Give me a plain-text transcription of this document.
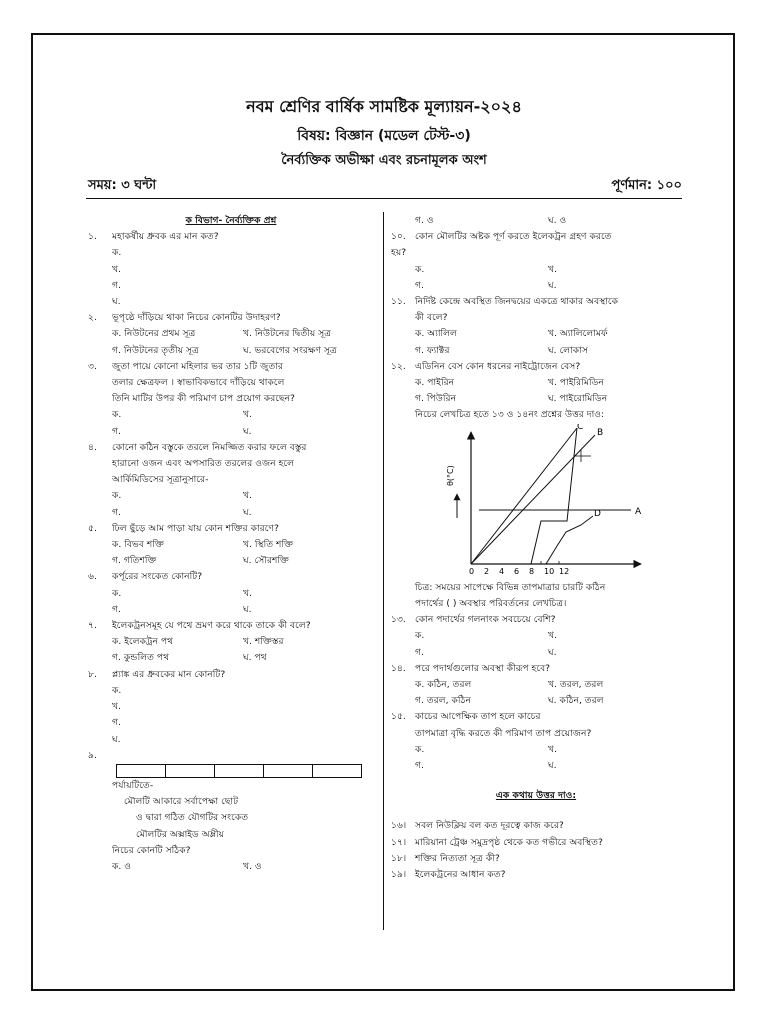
নবম শ্রেণির বার্ষিক সামষ্টিক মূল্যায়ন-২০২৪
বিষয়: বিজ্ঞান (মডেল টেস্ট-৩)
নৈর্ব্যক্তিক অভীক্ষা এবং রচনামূলক অংশ
সময়: ৩ ঘন্টা	পূর্ণমান: ১০০
ক বিভাগ- নৈর্ব্যক্তিক প্রশ্ন
১.	মহাকর্ষীয় ধ্রুবক এর মান কত?
ক.
খ.
গ.
ঘ.
২.	ভূপৃষ্ঠে দাঁড়িয়ে থাকা নিচের কোনটির উদাহরণ?
ক. নিউটনের প্রথম সূত্র	খ. নিউটনের দ্বিতীয় সূত্র
গ. নিউটনের তৃতীয় সূত্র	ঘ. ভরবেগের সংরক্ষণ সূত্র
৩.	জুতা পায়ে কোনো মহিলার ভর তার ১টি জুতার
তলার ক্ষেত্রফল । স্বাভাবিকভাবে দাঁড়িয়ে থাকলে
তিনি মাটির উপর কী পরিমাণ চাপ প্রয়োগ করছেন?
ক.	খ.
গ.	ঘ.
৪.	কোনো কঠিন বস্তুকে তরলে নিমজ্জিত করার ফলে বস্তুর
হারানো ওজন এবং অপসারিত তরলের ওজন হলে
আর্কিমিডিসের সূত্রানুসারে-
ক.	খ.
গ.	ঘ.
৫.	ঢিল ছুঁড়ে আম পাড়া যায় কোন শক্তির কারণে?
ক. বিভব শক্তি	খ. স্থিতি শক্তি
গ. গতিশক্তি	ঘ. সৌরশক্তি
৬.	কর্পূরের সংকেত কোনটি?
ক.	খ.
গ.	ঘ.
৭.	ইলেকট্রনসমূহ যে পথে ভ্রমণ করে থাকে তাকে কী বলে?
ক. ইলেকট্রন পথ	খ. শক্তিস্তর
গ. কুন্ডলিত পথ	ঘ. পথ
৮.	প্ল্যাঙ্ক এর ধ্রুবকের মান কোনটি?
ক.
খ.
গ.
ঘ.
৯.

পর্যায়টিতে-
মৌলটি আকারে সর্বাপেক্ষা ছোট
ও দ্বারা গঠিত যৌগটির সংকেত
মৌলটির অক্সাইড অম্লীয়
নিচের কোনটি সঠিক?
ক. ও	খ. ও
গ. ও	ঘ. ও
১০. কোন মৌলটির অষ্টক পূর্ণ করতে ইলেকট্রন গ্রহণ করতে
হয়?
ক.	খ.
গ.	ঘ.
১১. নির্দিষ্ট কেন্দ্রে অবস্থিত জিনদ্বয়ের একত্রে থাকার অবস্থাকে
কী বলে?
ক. অ্যালিল	খ. অ্যালিলোমর্ফ
গ. ফ্যাক্টর	ঘ. লোকাস
১২. এডিনিন বেস কোন ধরনের নাইট্রোজেন বেস?
ক. পাইরিন	খ. পাইরিমিডিন
গ. পিউরিন	ঘ. পাইরোমিডিন
নিচের লেখচিত্র হতে ১৩ ও ১৪নং প্রশ্নের উত্তর দাও:
θ(°C)
0 2 4 6 8 10 12
A
B
C
D
চিত্র: সময়ের সাপেক্ষে বিভিন্ন তাপমাত্রার চারটি কঠিন
পদার্থের ( ) অবস্থার পরিবর্তনের লেখচিত্র।
১৩. কোন পদার্থের গলনাংক সবচেয়ে বেশি?
ক.	খ.
গ.	ঘ.
১৪. পরে পদার্থগুলোর অবস্থা কীরূপ হবে?
ক. কঠিন, তরল	খ. তরল, তরল
গ. তরল, কঠিন	ঘ. কঠিন, তরল
১৫. কাচের আপেক্ষিক তাপ হলে কাচের
তাপমাত্রা বৃদ্ধি করতে কী পরিমাণ তাপ প্রয়োজন?
ক.	খ.
গ.	ঘ.
এক কথায় উত্তর দাও:
১৬। সবল নিউক্লিয় বল কত দূরত্বে কাজ করে?
১৭। মারিয়ানা ট্রেঞ্চ সমুদ্রপৃষ্ঠ থেকে কত গভীরে অবস্থিত?
১৮। শক্তির নিত্যতা সূত্র কী?
১৯। ইলেকট্রনের আধান কত?
